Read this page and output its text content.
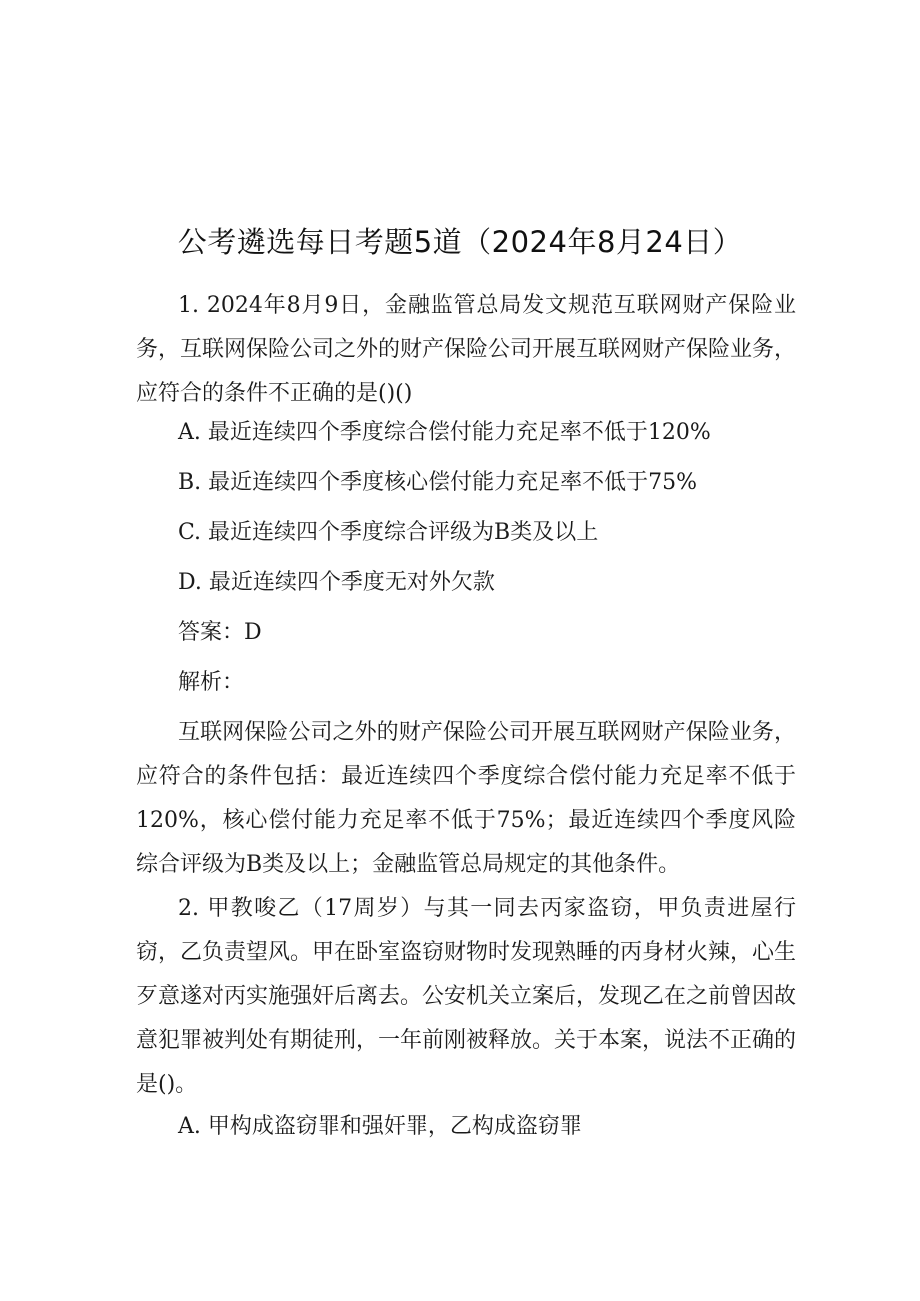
公考遴选每日考题5道（2024年8月24日）

1. 2024年8月9日，金融监管总局发文规范互联网财产保险业务，互联网保险公司之外的财产保险公司开展互联网财产保险业务，应符合的条件不正确的是()()

A. 最近连续四个季度综合偿付能力充足率不低于120%

B. 最近连续四个季度核心偿付能力充足率不低于75%

C. 最近连续四个季度综合评级为B类及以上

D. 最近连续四个季度无对外欠款

答案：D

解析：

互联网保险公司之外的财产保险公司开展互联网财产保险业务，应符合的条件包括：最近连续四个季度综合偿付能力充足率不低于120%，核心偿付能力充足率不低于75%；最近连续四个季度风险综合评级为B类及以上；金融监管总局规定的其他条件。

2. 甲教唆乙（17周岁）与其一同去丙家盗窃，甲负责进屋行窃，乙负责望风。甲在卧室盗窃财物时发现熟睡的丙身材火辣，心生歹意遂对丙实施强奸后离去。公安机关立案后，发现乙在之前曾因故意犯罪被判处有期徒刑，一年前刚被释放。关于本案，说法不正确的是()。

A. 甲构成盗窃罪和强奸罪，乙构成盗窃罪
